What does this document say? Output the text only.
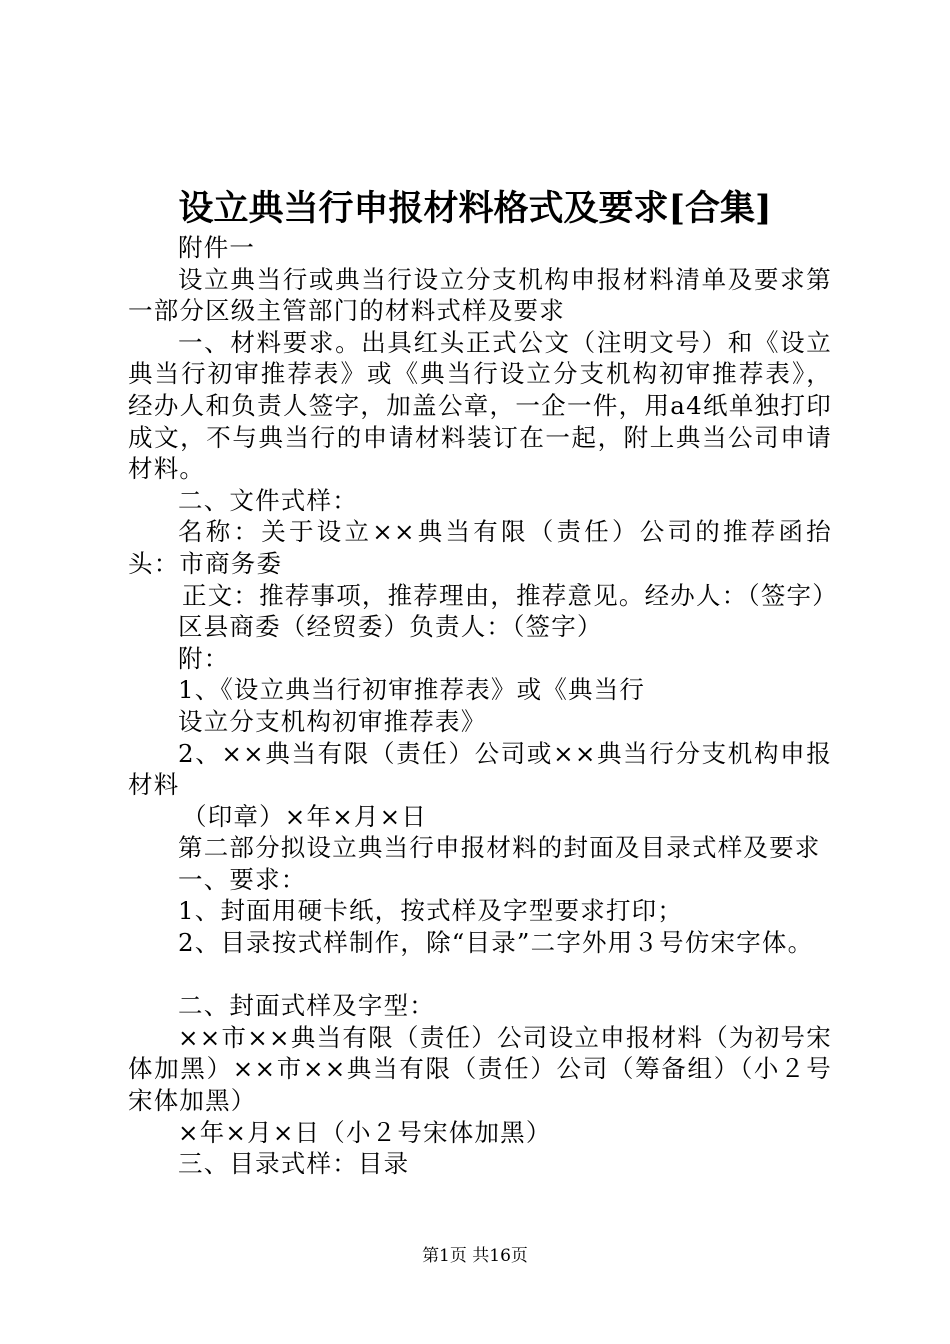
设立典当行申报材料格式及要求[合集]

附件一

设立典当行或典当行设立分支机构申报材料清单及要求第一部分区级主管部门的材料式样及要求

一、材料要求。出具红头正式公文（注明文号）和《设立典当行初审推荐表》或《典当行设立分支机构初审推荐表》，经办人和负责人签字，加盖公章，一企一件，用a4纸单独打印成文，不与典当行的申请材料装订在一起，附上典当公司申请材料。

二、文件式样：

名称：关于设立××典当有限（责任）公司的推荐函抬头：市商务委

正文：推荐事项，推荐理由，推荐意见。经办人：（签字）

区县商委（经贸委）负责人：（签字）

附：

1、《设立典当行初审推荐表》或《典当行

设立分支机构初审推荐表》

2、××典当有限（责任）公司或××典当行分支机构申报材料

（印章）×年×月×日

第二部分拟设立典当行申报材料的封面及目录式样及要求

一、要求：

1、封面用硬卡纸，按式样及字型要求打印；

2、目录按式样制作，除“目录”二字外用３号仿宋字体。

二、封面式样及字型：

××市××典当有限（责任）公司设立申报材料（为初号宋体加黑）××市××典当有限（责任）公司（筹备组）（小２号宋体加黑）

×年×月×日（小２号宋体加黑）

三、目录式样：目录

第1页 共16页
